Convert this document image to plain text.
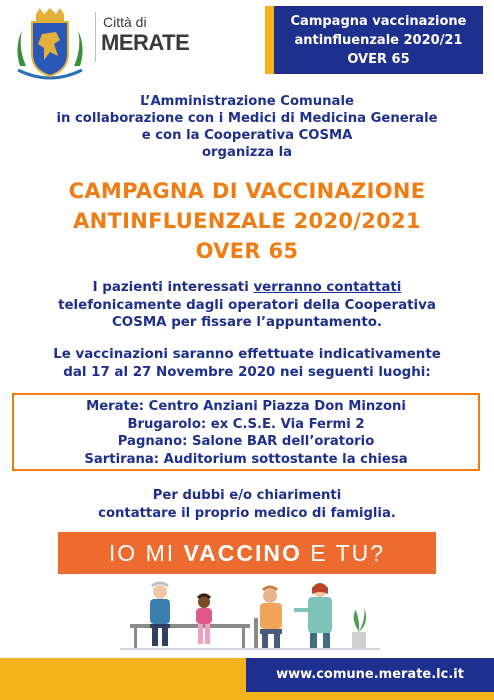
Città di
MERATE
Campagna vaccinazione
antinfluenzale 2020/21
OVER 65
L’Amministrazione Comunale
in collaborazione con i Medici di Medicina Generale
e con la Cooperativa COSMA
organizza la
CAMPAGNA DI VACCINAZIONE
ANTINFLUENZALE 2020/2021
OVER 65
I pazienti interessati verranno contattati
telefonicamente dagli operatori della Cooperativa
COSMA per fissare l’appuntamento.
Le vaccinazioni saranno effettuate indicativamente
dal 17 al 27 Novembre 2020 nei seguenti luoghi:
Merate: Centro Anziani Piazza Don Minzoni
Brugarolo: ex C.S.E. Via Fermi 2
Pagnano: Salone BAR dell’oratorio
Sartirana: Auditorium sottostante la chiesa
Per dubbi e/o chiarimenti
contattare il proprio medico di famiglia.
IO MI VACCINO E TU?
www.comune.merate.lc.it
